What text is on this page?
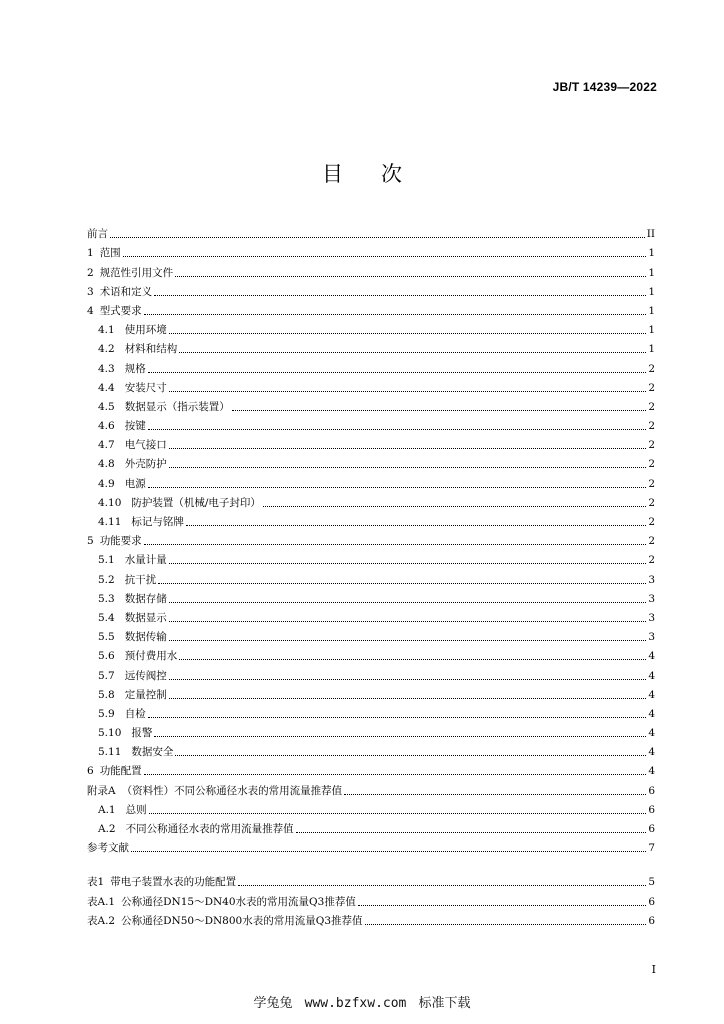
JB/T 14239—2022
目次
前言	II
1 范围	1
2 规范性引用文件	1
3 术语和定义	1
4 型式要求	1
4.1 使用环境	1
4.2 材料和结构	1
4.3 规格	2
4.4 安装尺寸	2
4.5 数据显示（指示装置）	2
4.6 按键	2
4.7 电气接口	2
4.8 外壳防护	2
4.9 电源	2
4.10 防护装置（机械/电子封印）	2
4.11 标记与铭牌	2
5 功能要求	2
5.1 水量计量	2
5.2 抗干扰	3
5.3 数据存储	3
5.4 数据显示	3
5.5 数据传输	3
5.6 预付费用水	4
5.7 远传阀控	4
5.8 定量控制	4
5.9 自检	4
5.10 报警	4
5.11 数据安全	4
6 功能配置	4
附录A （资料性）不同公称通径水表的常用流量推荐值	6
A.1 总则	6
A.2 不同公称通径水表的常用流量推荐值	6
参考文献	7
表1 带电子装置水表的功能配置	5
表A.1 公称通径DN15～DN40水表的常用流量Q3推荐值	6
表A.2 公称通径DN50～DN800水表的常用流量Q3推荐值	6
I
学兔兔 www.bzfxw.com 标准下载
